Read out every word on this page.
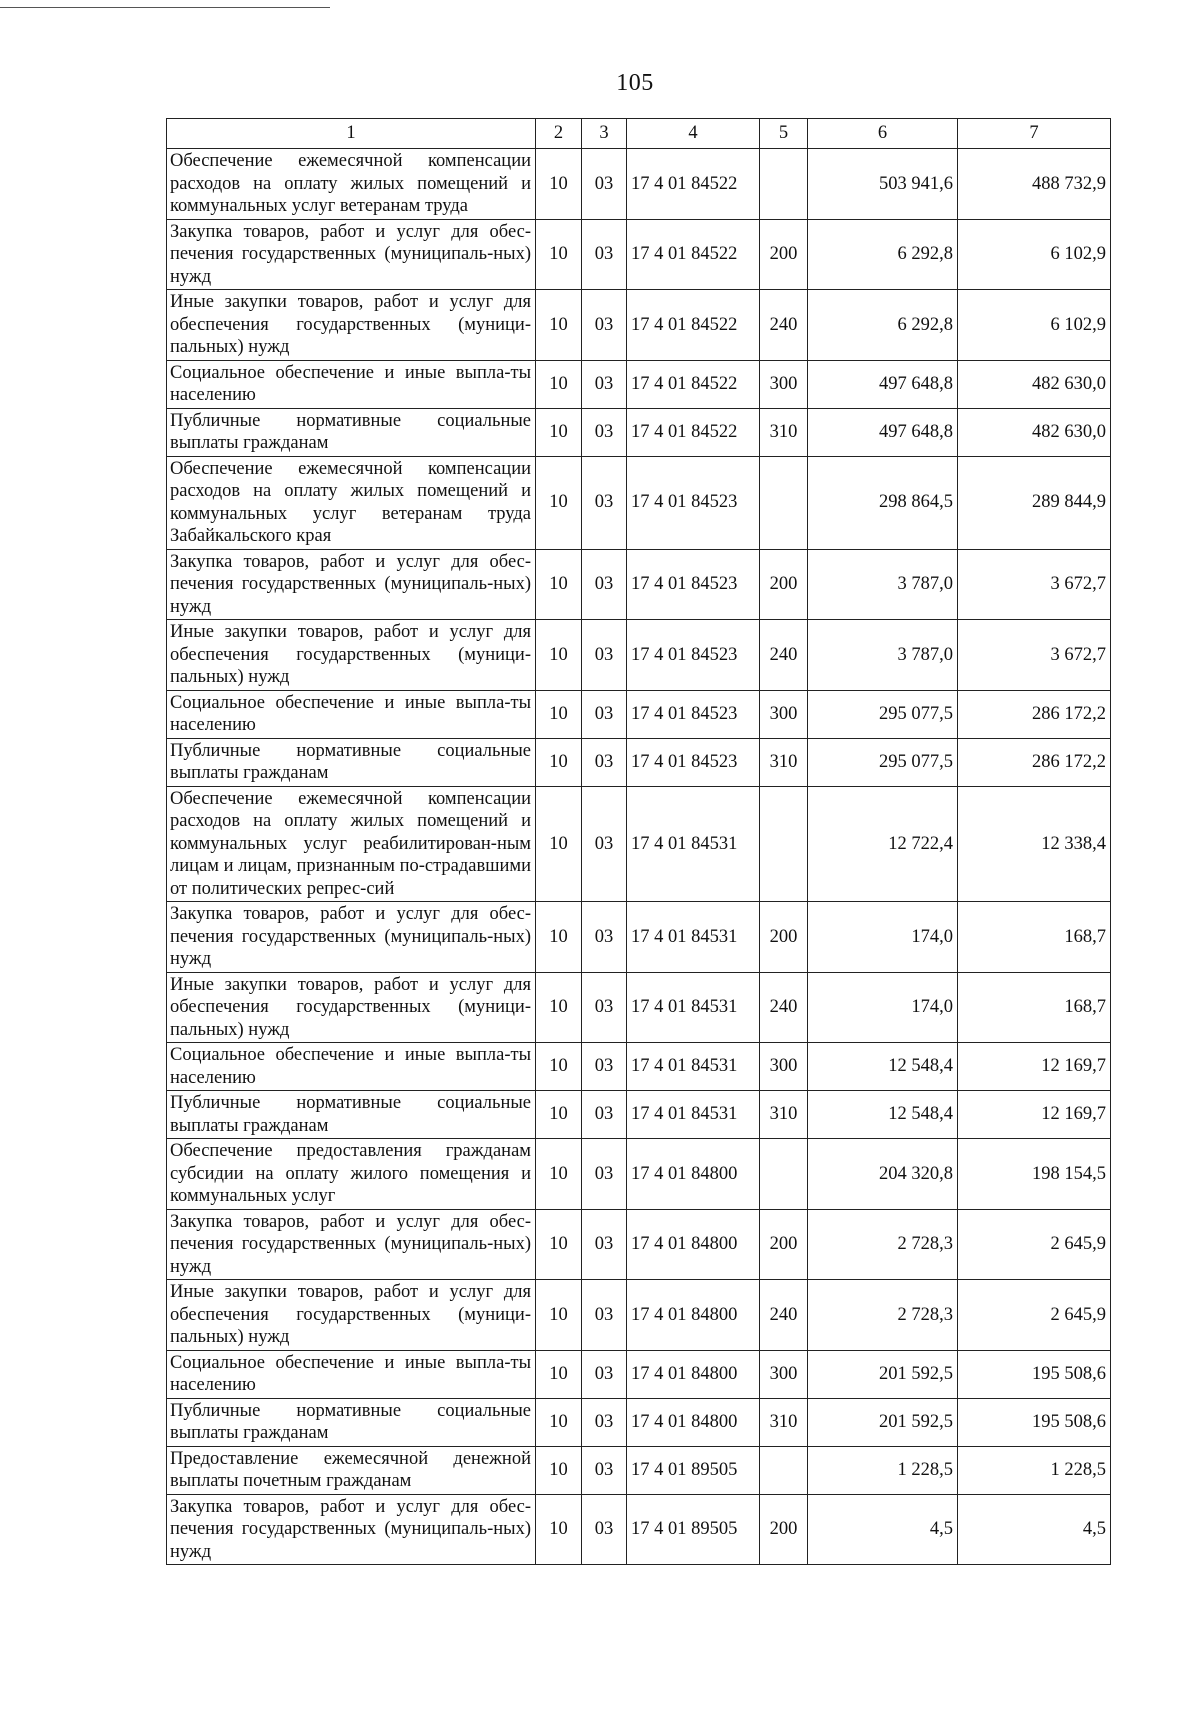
105
1	2	3	4	5	6	7
Обеспечение ежемесячной компенсации расходов на оплату жилых помещений и коммунальных услуг ветеранам труда	10	03	17 4 01 84522		503 941,6	488 732,9
Закупка товаров, работ и услуг для обес-печения государственных (муниципаль-ных) нужд	10	03	17 4 01 84522	200	6 292,8	6 102,9
Иные закупки товаров, работ и услуг для обеспечения государственных (муници-пальных) нужд	10	03	17 4 01 84522	240	6 292,8	6 102,9
Социальное обеспечение и иные выпла-ты населению	10	03	17 4 01 84522	300	497 648,8	482 630,0
Публичные нормативные социальные выплаты гражданам	10	03	17 4 01 84522	310	497 648,8	482 630,0
Обеспечение ежемесячной компенсации расходов на оплату жилых помещений и коммунальных услуг ветеранам труда Забайкальского края	10	03	17 4 01 84523		298 864,5	289 844,9
Закупка товаров, работ и услуг для обес-печения государственных (муниципаль-ных) нужд	10	03	17 4 01 84523	200	3 787,0	3 672,7
Иные закупки товаров, работ и услуг для обеспечения государственных (муници-пальных) нужд	10	03	17 4 01 84523	240	3 787,0	3 672,7
Социальное обеспечение и иные выпла-ты населению	10	03	17 4 01 84523	300	295 077,5	286 172,2
Публичные нормативные социальные выплаты гражданам	10	03	17 4 01 84523	310	295 077,5	286 172,2
Обеспечение ежемесячной компенсации расходов на оплату жилых помещений и коммунальных услуг реабилитирован-ным лицам и лицам, признанным по-страдавшими от политических репрес-сий	10	03	17 4 01 84531		12 722,4	12 338,4
Закупка товаров, работ и услуг для обес-печения государственных (муниципаль-ных) нужд	10	03	17 4 01 84531	200	174,0	168,7
Иные закупки товаров, работ и услуг для обеспечения государственных (муници-пальных) нужд	10	03	17 4 01 84531	240	174,0	168,7
Социальное обеспечение и иные выпла-ты населению	10	03	17 4 01 84531	300	12 548,4	12 169,7
Публичные нормативные социальные выплаты гражданам	10	03	17 4 01 84531	310	12 548,4	12 169,7
Обеспечение предоставления гражданам субсидии на оплату жилого помещения и коммунальных услуг	10	03	17 4 01 84800		204 320,8	198 154,5
Закупка товаров, работ и услуг для обес-печения государственных (муниципаль-ных) нужд	10	03	17 4 01 84800	200	2 728,3	2 645,9
Иные закупки товаров, работ и услуг для обеспечения государственных (муници-пальных) нужд	10	03	17 4 01 84800	240	2 728,3	2 645,9
Социальное обеспечение и иные выпла-ты населению	10	03	17 4 01 84800	300	201 592,5	195 508,6
Публичные нормативные социальные выплаты гражданам	10	03	17 4 01 84800	310	201 592,5	195 508,6
Предоставление ежемесячной денежной выплаты почетным гражданам	10	03	17 4 01 89505		1 228,5	1 228,5
Закупка товаров, работ и услуг для обес-печения государственных (муниципаль-ных) нужд	10	03	17 4 01 89505	200	4,5	4,5
